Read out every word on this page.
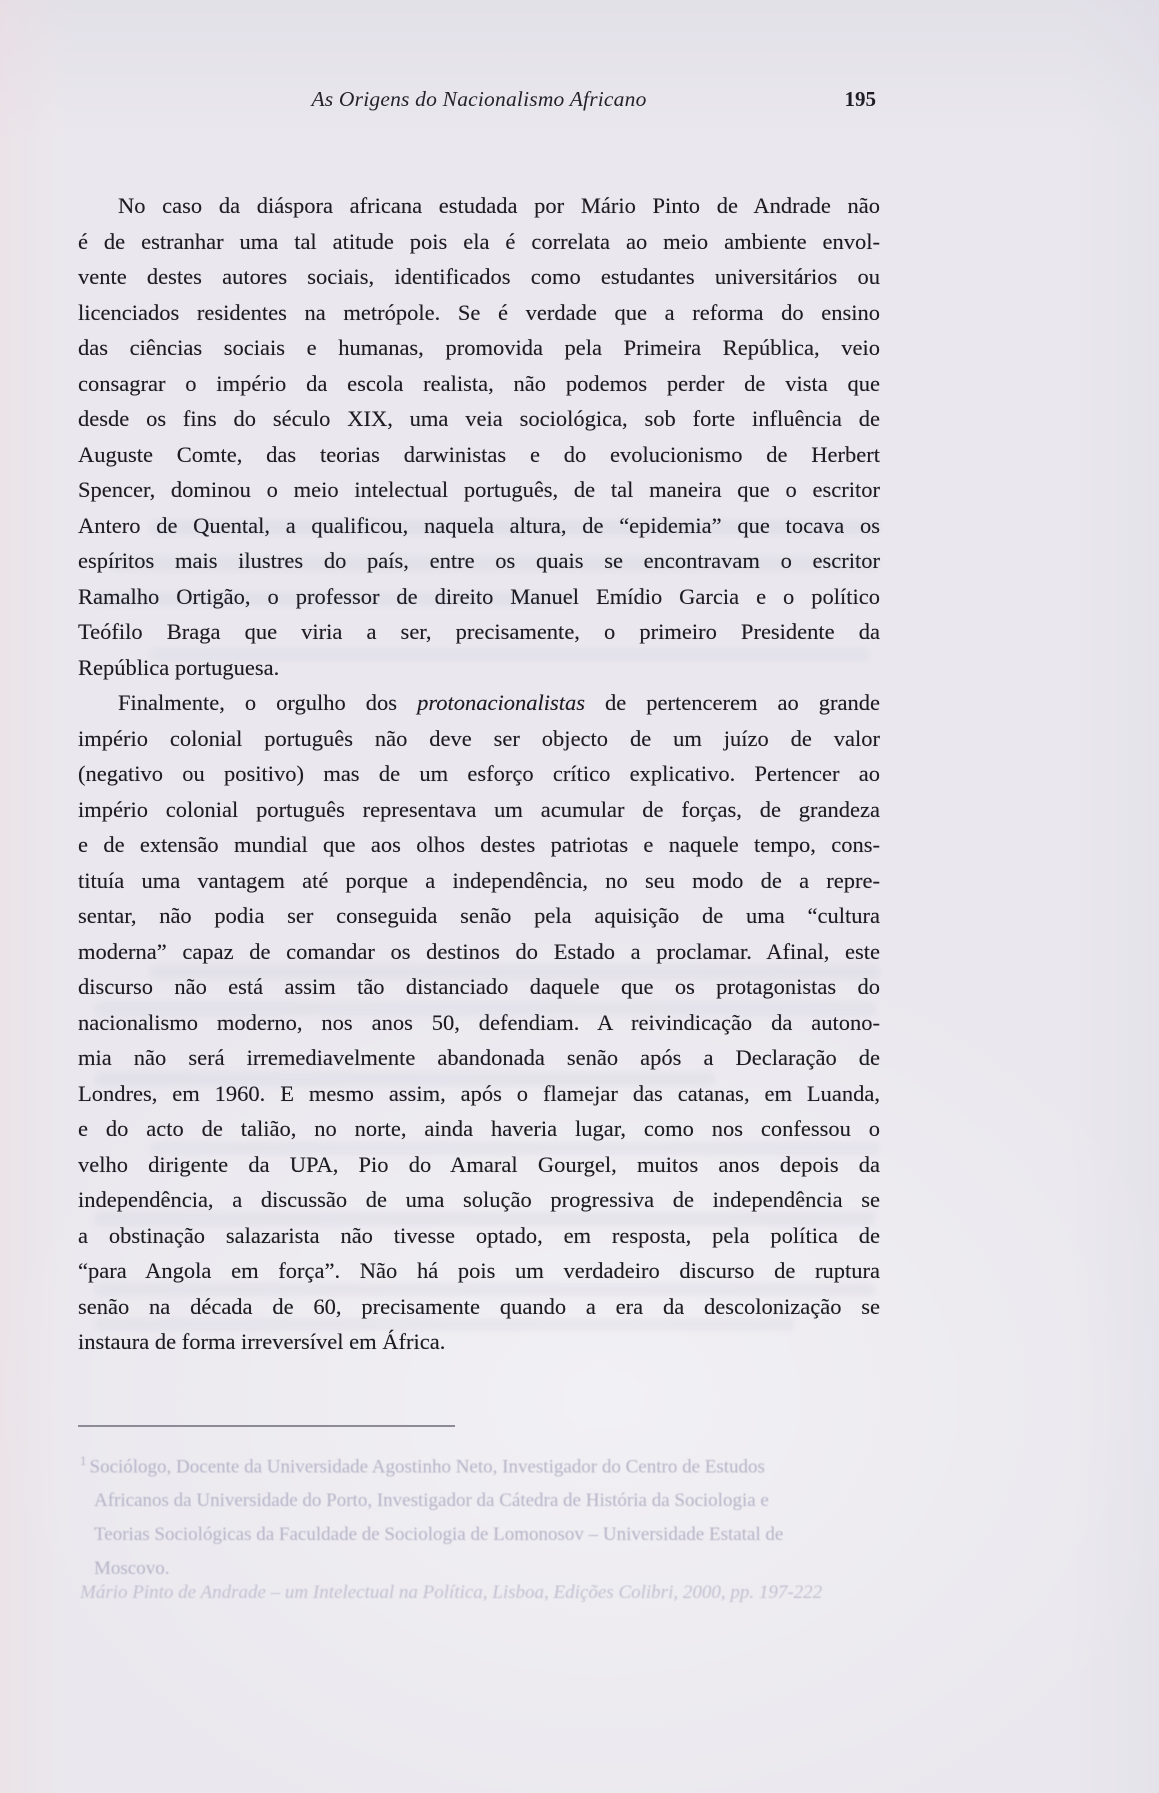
As Origens do Nacionalismo Africano	195
No caso da diáspora africana estudada por Mário Pinto de Andrade não
é de estranhar uma tal atitude pois ela é correlata ao meio ambiente envol-
vente destes autores sociais, identificados como estudantes universitários ou
licenciados residentes na metrópole. Se é verdade que a reforma do ensino
das ciências sociais e humanas, promovida pela Primeira República, veio
consagrar o império da escola realista, não podemos perder de vista que
desde os fins do século XIX, uma veia sociológica, sob forte influência de
Auguste Comte, das teorias darwinistas e do evolucionismo de Herbert
Spencer, dominou o meio intelectual português, de tal maneira que o escritor
Antero de Quental, a qualificou, naquela altura, de “epidemia” que tocava os
espíritos mais ilustres do país, entre os quais se encontravam o escritor
Ramalho Ortigão, o professor de direito Manuel Emídio Garcia e o político
Teófilo Braga que viria a ser, precisamente, o primeiro Presidente da
República portuguesa.
Finalmente, o orgulho dos protonacionalistas de pertencerem ao grande
império colonial português não deve ser objecto de um juízo de valor
(negativo ou positivo) mas de um esforço crítico explicativo. Pertencer ao
império colonial português representava um acumular de forças, de grandeza
e de extensão mundial que aos olhos destes patriotas e naquele tempo, cons-
tituía uma vantagem até porque a independência, no seu modo de a repre-
sentar, não podia ser conseguida senão pela aquisição de uma “cultura
moderna” capaz de comandar os destinos do Estado a proclamar. Afinal, este
discurso não está assim tão distanciado daquele que os protagonistas do
nacionalismo moderno, nos anos 50, defendiam. A reivindicação da autono-
mia não será irremediavelmente abandonada senão após a Declaração de
Londres, em 1960. E mesmo assim, após o flamejar das catanas, em Luanda,
e do acto de talião, no norte, ainda haveria lugar, como nos confessou o
velho dirigente da UPA, Pio do Amaral Gourgel, muitos anos depois da
independência, a discussão de uma solução progressiva de independência se
a obstinação salazarista não tivesse optado, em resposta, pela política de
“para Angola em força”. Não há pois um verdadeiro discurso de ruptura
senão na década de 60, precisamente quando a era da descolonização se
instaura de forma irreversível em África.
$^1$ Sociólogo, Docente da Universidade Agostinho Neto, Investigador do Centro de Estudos
Africanos da Universidade do Porto, Investigador da Cátedra de História da Sociologia e
Teorias Sociológicas da Faculdade de Sociologia de Lomonosov – Universidade Estatal de
Moscovo.
Mário Pinto de Andrade – um Intelectual na Política, Lisboa, Edições Colibri, 2000, pp. 197-222
